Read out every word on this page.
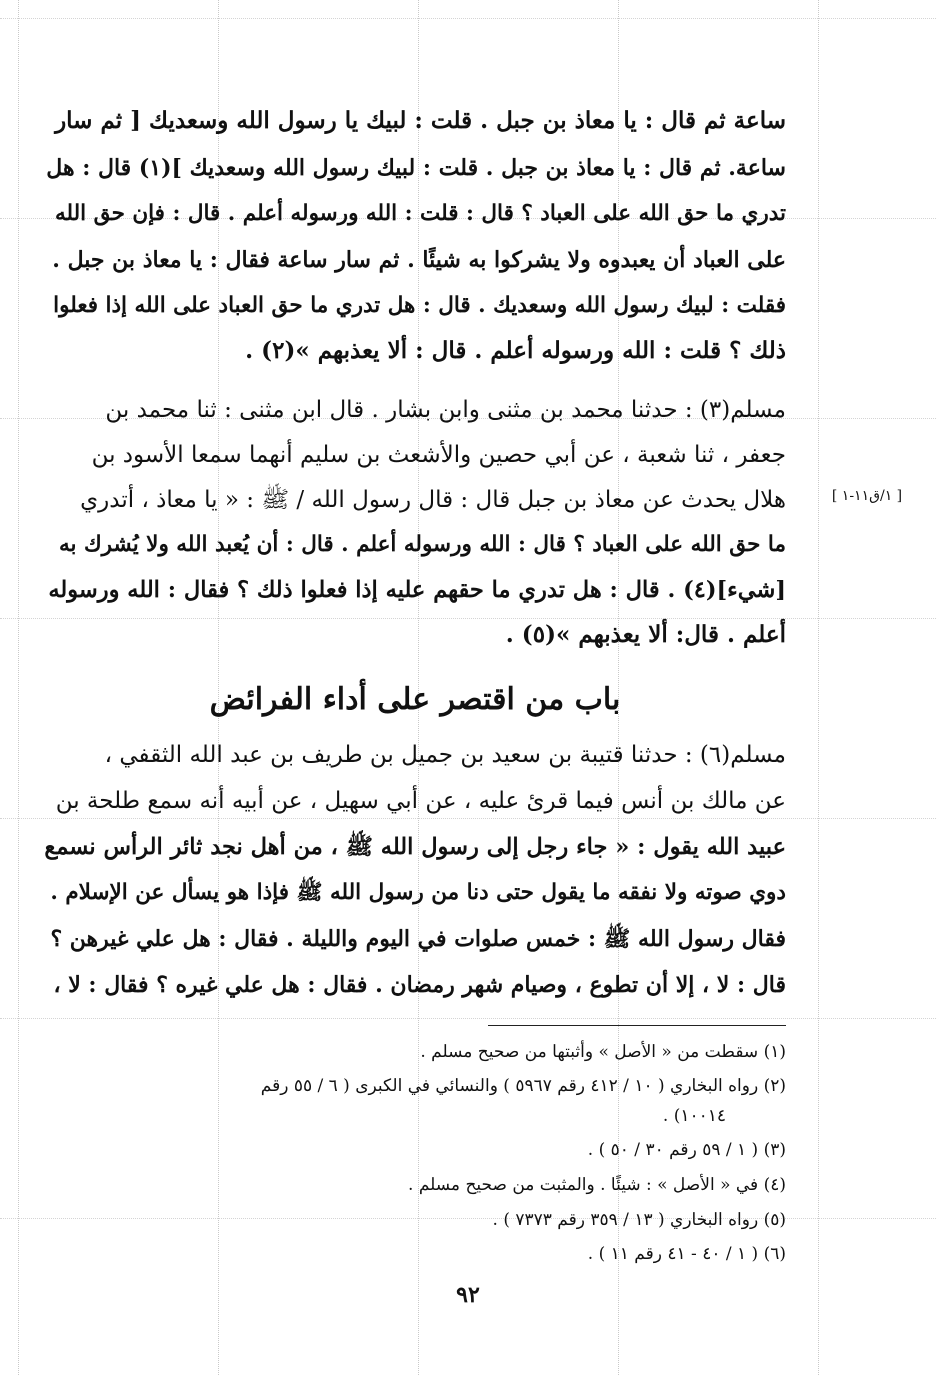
[ ١/ق١١-١ ]
ساعة ثم قال : يا معاذ بن جبل . قلت : لبيك يا رسول الله وسعديك [ ثم سار
ساعة. ثم قال : يا معاذ بن جبل . قلت : لبيك رسول الله وسعديك ](١) قال : هل
تدري ما حق الله على العباد ؟ قال : قلت : الله ورسوله أعلم . قال : فإن حق الله
على العباد أن يعبدوه ولا يشركوا به شيئًا . ثم سار ساعة فقال : يا معاذ بن جبل .
فقلت : لبيك رسول الله وسعديك . قال : هل تدري ما حق العباد على الله إذا فعلوا
ذلك ؟ قلت : الله ورسوله أعلم . قال : ألا يعذبهم »(٢) .
مسلم(٣) : حدثنا محمد بن مثنى وابن بشار . قال ابن مثنى : ثنا محمد بن
جعفر ، ثنا شعبة ، عن أبي حصين والأشعث بن سليم أنهما سمعا الأسود بن
هلال يحدث عن معاذ بن جبل قال : قال رسول الله / ﷺ : « يا معاذ ، أتدري
ما حق الله على العباد ؟ قال : الله ورسوله أعلم . قال : أن يُعبد الله ولا يُشرك به
[شيء](٤) . قال : هل تدري ما حقهم عليه إذا فعلوا ذلك ؟ فقال : الله ورسوله
أعلم . قال: ألا يعذبهم »(٥) .
باب من اقتصر على أداء الفرائض
مسلم(٦) : حدثنا قتيبة بن سعيد بن جميل بن طريف بن عبد الله الثقفي ،
عن مالك بن أنس فيما قرئ عليه ، عن أبي سهيل ، عن أبيه أنه سمع طلحة بن
عبيد الله يقول : « جاء رجل إلى رسول الله ﷺ ، من أهل نجد ثائر الرأس نسمع
دوي صوته ولا نفقه ما يقول حتى دنا من رسول الله ﷺ فإذا هو يسأل عن الإسلام .
فقال رسول الله ﷺ : خمس صلوات في اليوم والليلة . فقال : هل علي غيرهن ؟
قال : لا ، إلا أن تطوع ، وصيام شهر رمضان . فقال : هل علي غيره ؟ فقال : لا ،
(١) سقطت من « الأصل » وأثبتها من صحيح مسلم .
(٢) رواه البخاري ( ١٠ / ٤١٢ رقم ٥٩٦٧ ) والنسائي في الكبرى ( ٦ / ٥٥ رقم
١٠٠١٤) .
(٣) ( ١ / ٥٩ رقم ٣٠ / ٥٠ ) .
(٤) في « الأصل » : شيئًا . والمثبت من صحيح مسلم .
(٥) رواه البخاري ( ١٣ / ٣٥٩ رقم ٧٣٧٣ ) .
(٦) ( ١ / ٤٠ - ٤١ رقم ١١ ) .
٩٢
